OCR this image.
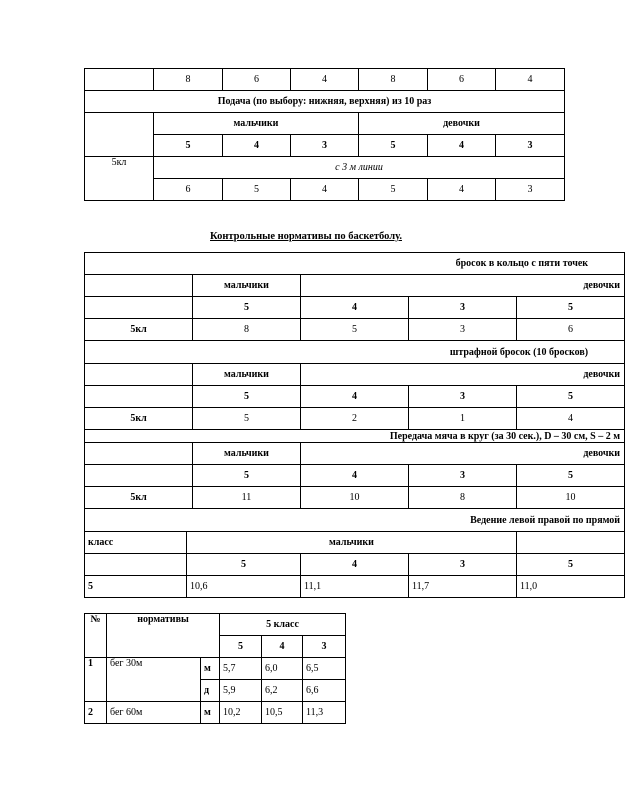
	8	6	4	8	6	4
Подача (по выбору: нижняя, верхняя) из 10 раз						
	мальчики			девочки		
	5	4	3	5	4	3
5кл	с 3 м линии					
	6	5	4	5	4	3
Контрольные нормативы по баскетболу.
бросок в кольцо с пяти точек					
		мальчики	девочки		
		5	4	3	5
5кл		8	5	3	6
штрафной бросок (10 бросков)					
		мальчики	девочки		
		5	4	3	5
5кл		5	2	1	4
Передача мяча в круг (за 30 сек.), D – 30 см, S – 2 м					
		мальчики	девочки		
		5	4	3	5
5кл		11	10	8	10
Ведение левой правой по прямой					
класс	мальчики				
	5		4	3	5
5	10,6		11,1	11,7	11,0
№	нормативы		5 класс		
			5	4	3
1	бег 30м	м	5,7	6,0	6,5
		д	5,9	6,2	6,6
2	бег 60м	м	10,2	10,5	11,3
